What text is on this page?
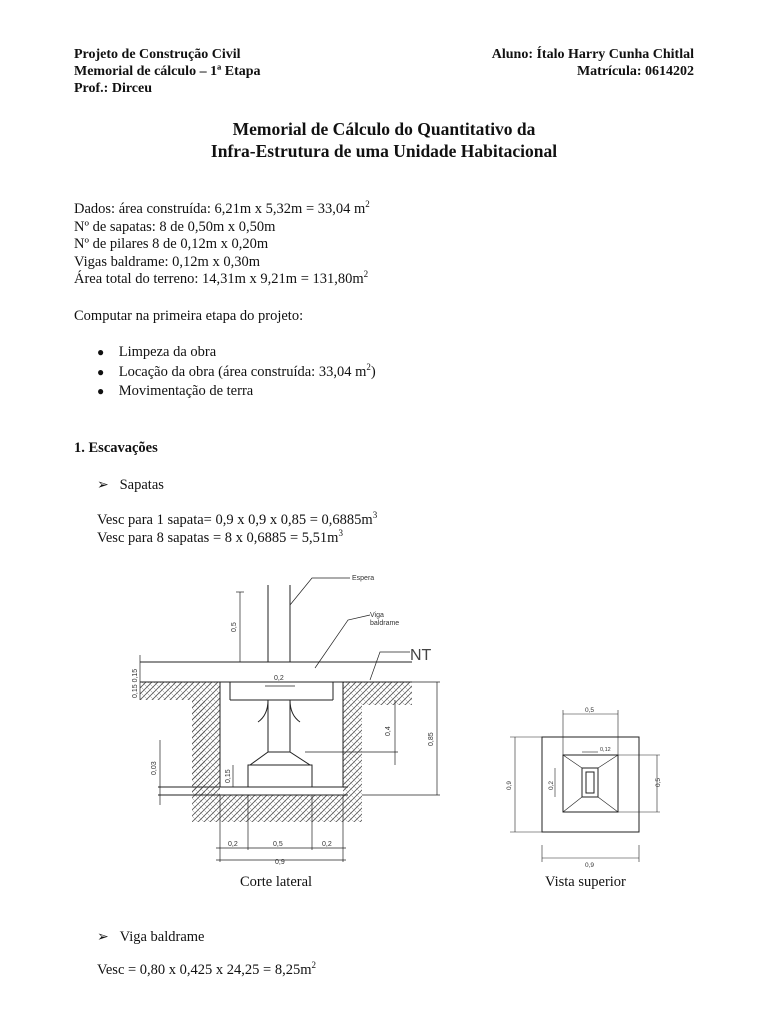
Projeto de Construção Civil
Memorial de cálculo – 1ª Etapa
Prof.: Dirceu
Aluno: Ítalo Harry Cunha Chitlal
Matrícula: 0614202
Memorial de Cálculo do Quantitativo da
Infra-Estrutura de uma Unidade Habitacional
Dados: área construída: 6,21m x 5,32m = 33,04 $m^2$
Nº de sapatas: 8 de 0,50m x 0,50m
Nº de pilares 8 de 0,12m x 0,20m
Vigas baldrame: 0,12m x 0,30m
Área total do terreno: 14,31m x $9,21m = 131,80m^2$
Computar na primeira etapa do projeto:
● Limpeza da obra
● Locação da obra (área construída: 33,04 $m^2$)
● Movimentação de terra
1. Escavações
➢ Sapatas
Vesc para 1 sapata= 0,9 x 0,9 x $0,85 = 0,6885m^3$
Vesc para 8 sapatas = 8 x $0,6885 = 5,51m^3$
Espera
Viga
baldrame
NT
0,5
0,2
0,4
0,85
0,03
0,15
0,15 0,15
0,2	0,5	0,2
0,9
0,5
0,9	0,5
0,9
0,2
0,12
Corte lateral	Vista superior
➢ Viga baldrame
Vesc = 0,80 x 0,425 x $24,25 = 8,25m^2$
